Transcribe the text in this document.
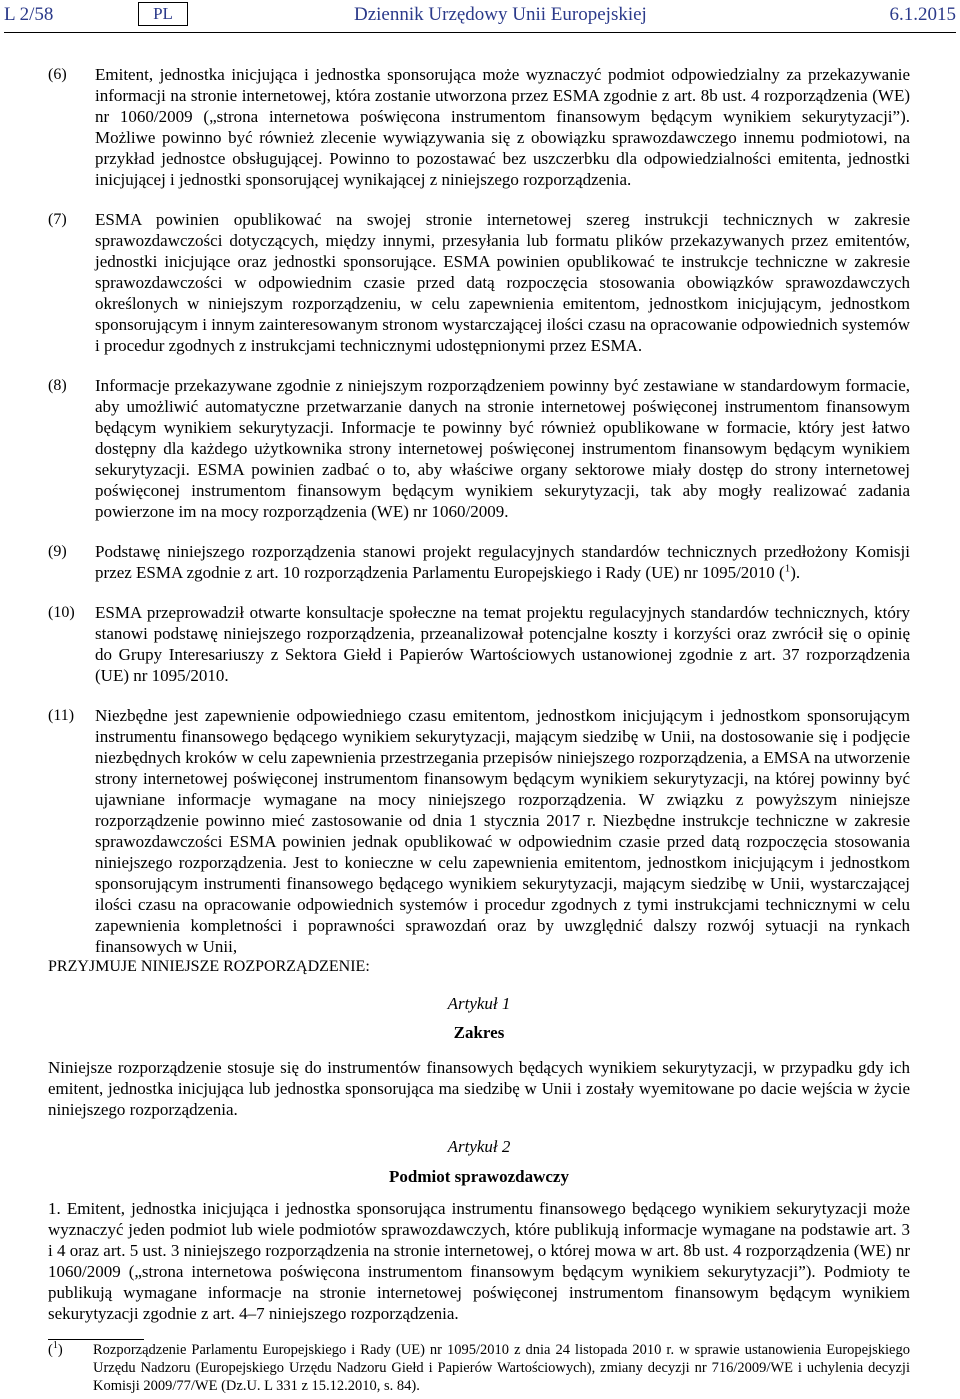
L 2/58	PL	Dziennik Urzędowy Unii Europejskiej	6.1.2015
(6) Emitent, jednostka inicjująca i jednostka sponsorująca może wyznaczyć podmiot odpowiedzialny za przekazywanie informacji na stronie internetowej, która zostanie utworzona przez ESMA zgodnie z art. 8b ust. 4 rozporządzenia (WE) nr 1060/2009 („strona internetowa poświęcona instrumentom finansowym będącym wynikiem sekurytyzacji”). Możliwe powinno być również zlecenie wywiązywania się z obowiązku sprawozdawczego innemu podmiotowi, na przykład jednostce obsługującej. Powinno to pozostawać bez uszczerbku dla odpowiedzialności emitenta, jednostki inicjującej i jednostki sponsorującej wynikającej z niniejszego rozporządzenia.
(7) ESMA powinien opublikować na swojej stronie internetowej szereg instrukcji technicznych w zakresie sprawozdawczości dotyczących, między innymi, przesyłania lub formatu plików przekazywanych przez emitentów, jednostki inicjujące oraz jednostki sponsorujące. ESMA powinien opublikować te instrukcje techniczne w zakresie sprawozdawczości w odpowiednim czasie przed datą rozpoczęcia stosowania obowiązków sprawozdawczych określonych w niniejszym rozporządzeniu, w celu zapewnienia emitentom, jednostkom inicjującym, jednostkom sponsorującym i innym zainteresowanym stronom wystarczającej ilości czasu na opracowanie odpowiednich systemów i procedur zgodnych z instrukcjami technicznymi udostępnionymi przez ESMA.
(8) Informacje przekazywane zgodnie z niniejszym rozporządzeniem powinny być zestawiane w standardowym formacie, aby umożliwić automatyczne przetwarzanie danych na stronie internetowej poświęconej instrumentom finansowym będącym wynikiem sekurytyzacji. Informacje te powinny być również opublikowane w formacie, który jest łatwo dostępny dla każdego użytkownika strony internetowej poświęconej instrumentom finansowym będącym wynikiem sekurytyzacji. ESMA powinien zadbać o to, aby właściwe organy sektorowe miały dostęp do strony internetowej poświęconej instrumentom finansowym będącym wynikiem sekurytyzacji, tak aby mogły realizować zadania powierzone im na mocy rozporządzenia (WE) nr 1060/2009.
(9) Podstawę niniejszego rozporządzenia stanowi projekt regulacyjnych standardów technicznych przedłożony Komisji przez ESMA zgodnie z art. 10 rozporządzenia Parlamentu Europejskiego i Rady (UE) nr 1095/2010 ($^1$).
(10) ESMA przeprowadził otwarte konsultacje społeczne na temat projektu regulacyjnych standardów technicznych, który stanowi podstawę niniejszego rozporządzenia, przeanalizował potencjalne koszty i korzyści oraz zwrócił się o opinię do Grupy Interesariuszy z Sektora Giełd i Papierów Wartościowych ustanowionej zgodnie z art. 37 rozporządzenia (UE) nr 1095/2010.
(11) Niezbędne jest zapewnienie odpowiedniego czasu emitentom, jednostkom inicjującym i jednostkom sponsorującym instrumentu finansowego będącego wynikiem sekurytyzacji, mającym siedzibę w Unii, na dostosowanie się i podjęcie niezbędnych kroków w celu zapewnienia przestrzegania przepisów niniejszego rozporządzenia, a EMSA na utworzenie strony internetowej poświęconej instrumentom finansowym będącym wynikiem sekurytyzacji, na której powinny być ujawniane informacje wymagane na mocy niniejszego rozporządzenia. W związku z powyższym niniejsze rozporządzenie powinno mieć zastosowanie od dnia 1 stycznia 2017 r. Niezbędne instrukcje techniczne w zakresie sprawozdawczości ESMA powinien jednak opublikować w odpowiednim czasie przed datą rozpoczęcia stosowania niniejszego rozporządzenia. Jest to konieczne w celu zapewnienia emitentom, jednostkom inicjującym i jednostkom sponsorującym instrumenti finansowego będącego wynikiem sekurytyzacji, mającym siedzibę w Unii, wystarczającej ilości czasu na opracowanie odpowiednich systemów i procedur zgodnych z tymi instrukcjami technicznymi w celu zapewnienia kompletności i poprawności sprawozdań oraz by uwzględnić dalszy rozwój sytuacji na rynkach finansowych w Unii,
PRZYJMUJE NINIEJSZE ROZPORZĄDZENIE:
Artykuł 1
Zakres
Niniejsze rozporządzenie stosuje się do instrumentów finansowych będących wynikiem sekurytyzacji, w przypadku gdy ich emitent, jednostka inicjująca lub jednostka sponsorująca ma siedzibę w Unii i zostały wyemitowane po dacie wejścia w życie niniejszego rozporządzenia.
Artykuł 2
Podmiot sprawozdawczy
1. Emitent, jednostka inicjująca i jednostka sponsorująca instrumentu finansowego będącego wynikiem sekurytyzacji może wyznaczyć jeden podmiot lub wiele podmiotów sprawozdawczych, które publikują informacje wymagane na podstawie art. 3 i 4 oraz art. 5 ust. 3 niniejszego rozporządzenia na stronie internetowej, o której mowa w art. 8b ust. 4 rozporządzenia (WE) nr 1060/2009 („strona internetowa poświęcona instrumentom finansowym będącym wynikiem sekurytyzacji”). Podmioty te publikują wymagane informacje na stronie internetowej poświęconej instrumentom finansowym będącym wynikiem sekurytyzacji zgodnie z art. 4–7 niniejszego rozporządzenia.
($^1$)	Rozporządzenie Parlamentu Europejskiego i Rady (UE) nr 1095/2010 z dnia 24 listopada 2010 r. w sprawie ustanowienia Europejskiego Urzędu Nadzoru (Europejskiego Urzędu Nadzoru Giełd i Papierów Wartościowych), zmiany decyzji nr 716/2009/WE i uchylenia decyzji Komisji 2009/77/WE (Dz.U. L 331 z 15.12.2010, s. 84).
